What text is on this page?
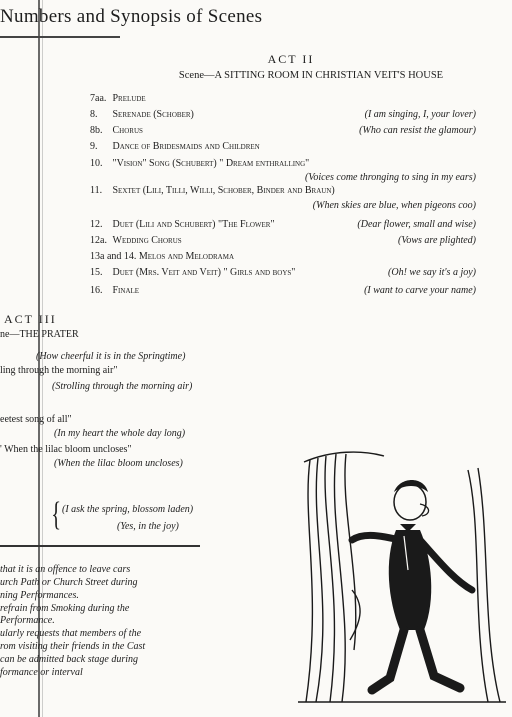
Numbers and Synopsis of Scenes
ACT II
Scene—A SITTING ROOM IN CHRISTIAN VEIT'S HOUSE
7aa. Prelude
8. Serenade (Schober)	(I am singing, I, your lover)
8b. Chorus	(Who can resist the glamour)
9. Dance of Bridesmaids and Children
10. "Vision" Song (Schubert) " Dream enthralling"
(Voices come thronging to sing in my ears)
11. Sextet (Lili, Tilli, Willi, Schober, Binder and Braun)
(When skies are blue, when pigeons coo)
12. Duet (Lili and Schubert) "The Flower"	(Dear flower, small and wise)
12a. Wedding Chorus	(Vows are plighted)
13a and 14. Melos and Melodrama
15. Duet (Mrs. Veit and Veit) " Girls and boys"	(Oh! we say it's a joy)
16. Finale	(I want to carve your name)
ACT III
ne—THE PRATER
(How cheerful it is in the Springtime)
ling through the morning air"
(Strolling through the morning air)
eetest song of all"
(In my heart the whole day long)
' When the lilac bloom uncloses"
(When the lilac bloom uncloses)
{ (I ask the spring, blossom laden)
(Yes, in the joy)
that it is an offence to leave cars
urch Path or Church Street during
ning Performances.
refrain from Smoking during the
Performance.
ularly requests that members of the
rom visiting their friends in the Cast
can be admitted back stage during
formance or interval
